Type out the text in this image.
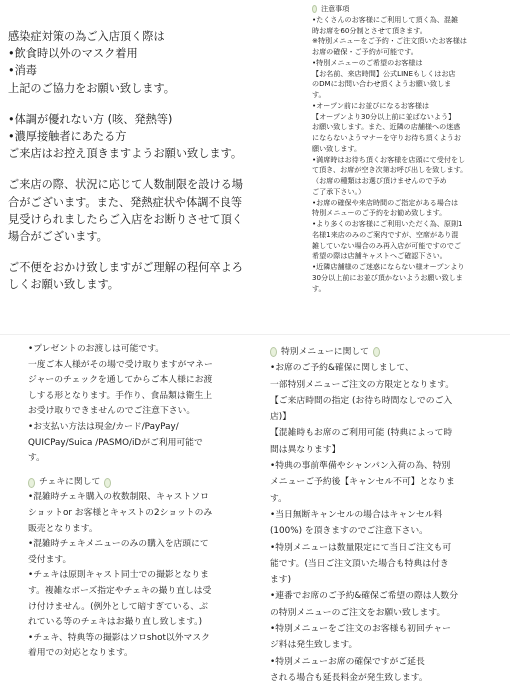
感染症対策の為ご入店頂く際は
•飲食時以外のマスク着用
•消毒
上記のご協力をお願い致します。
•体調が優れない方 (咳、発熱等)
•濃厚接触者にあたる方
ご来店はお控え頂きますようお願い致します。
ご来店の際、状況に応じて人数制限を設ける場
合がございます。また、発熱症状や体調不良等
見受けられましたらご入店をお断りさせて頂く
場合がございます。
ご不便をおかけ致しますがご理解の程何卒よろ
しくお願い致します。
注意事項
•たくさんのお客様にご利用して頂く為、混雑
時お席を60分制とさせて頂きます。
※特別メニューをご予約・ご注文頂いたお客様は
お席の確保・ご予約が可能です。
•特別メニューのご希望のお客様は
【お名前、来店時間】公式LINEもしくはお店
のDMにお問い合わせ頂くようお願い致しま
す。
•オープン前にお並びになるお客様は
【オープンより30分以上前に並ばないよう】
お願い致します。また、近隣の店舗様への迷惑
にならないようマナーを守りお待ち頂くようお
願い致します。
•満席時はお待ち頂くお客様を店頭にて受付をし
て頂き、お席が空き次第お呼び出しを致します。
（お席の種類はお選び頂けませんので予め
ご了承下さい。）
•お席の確保や来店時間のご指定がある場合は
特別メニューのご予約をお勧め致します。
•より多くのお客様にご利用いただく為、原則1
名様1来店のみのご案内ですが、空席があり混
雑していない場合のみ再入店が可能ですのでご
希望の際は店舗キャストへご確認下さい。
•近隣店舗様のご迷惑にならない様オープンより
30分以上前にお並び頂かないようお願い致しま
す。
•プレゼントのお渡しは可能です。
一度ご本人様がその場で受け取りますがマネー
ジャーのチェックを通してからご本人様にお渡
しする形となります。手作り、食品類は衛生上
お受け取りできませんのでご注意下さい。
•お支払い方法は現金/カード/PayPay/
QUICPay/Suica /PASMO/iDがご利用可能で
す。
チェキに関して
•混雑時チェキ購入の枚数制限、キャストソロ
ショットor お客様とキャストの2ショットのみ
販売となります。
•混雑時チェキメニューのみの購入を店頭にて
受付ます。
•チェキは原則キャスト同士での撮影となりま
す。複雑なポーズ指定やチェキの撮り直しは受
け付けません。(例外として暗すぎている、ぶ
れている等のチェキはお撮り直し致します。)
•チェキ、特典等の撮影はソロshot以外マスク
着用での対応となります。
特別メニューに関して
•お席のご予約&確保に関しまして、
一部特別メニューご注文の方限定となります。
【ご来店時間の指定 (お待ち時間なしでのご入
店)】
【混雑時もお席のご利用可能 (特典によって時
間は異なります】
•特典の事前準備やシャンパン入荷の為、特別
メニューご予約後【キャンセル不可】となりま
す。
•当日無断キャンセルの場合はキャンセル料
(100%) を頂きますのでご注意下さい。
•特別メニューは数量限定にて当日ご注文も可
能です。(当日ご注文頂いた場合も特典は付き
ます)
•連番でお席のご予約&確保ご希望の際は人数分
の特別メニューのご注文をお願い致します。
•特別メニューをご注文のお客様も初回チャー
ジ料は発生致します。
•特別メニューお席の確保ですがご延長
される場合も延長料金が発生致します。
